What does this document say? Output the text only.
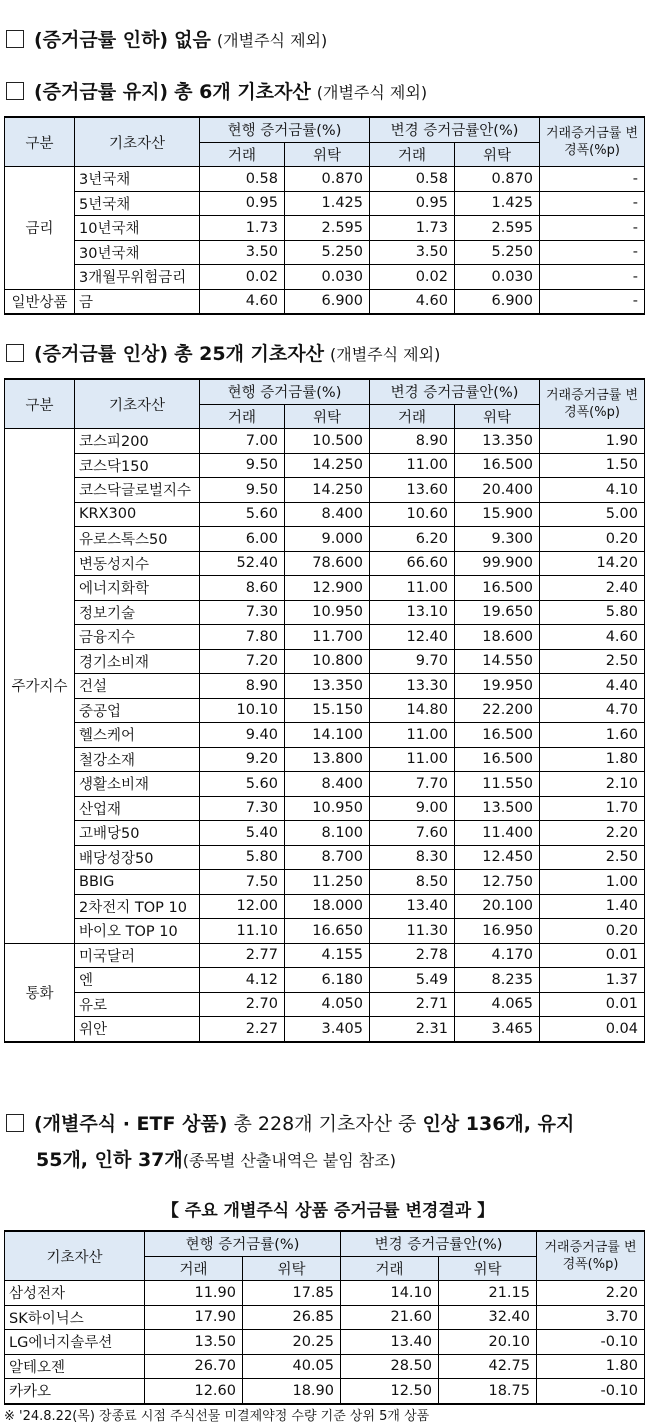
(증거금률 인하) 없음 (개별주식 제외)
(증거금률 유지) 총 6개 기초자산 (개별주식 제외)
구분	기초자산	현행 증거금률(%)		변경 증거금률안(%)		거래증거금률 변경폭(%p)
		거래	위탁	거래	위탁	
금리	3년국채	0.58	0.870	0.58	0.870	-
	5년국채	0.95	1.425	0.95	1.425	-
	10년국채	1.73	2.595	1.73	2.595	-
	30년국채	3.50	5.250	3.50	5.250	-
	3개월무위험금리	0.02	0.030	0.02	0.030	-
일반상품	금	4.60	6.900	4.60	6.900	-
(증거금률 인상) 총 25개 기초자산 (개별주식 제외)
구분	기초자산	현행 증거금률(%)		변경 증거금률안(%)		거래증거금률 변경폭(%p)
		거래	위탁	거래	위탁	
주가지수	코스피200	7.00	10.500	8.90	13.350	1.90
	코스닥150	9.50	14.250	11.00	16.500	1.50
	코스닥글로벌지수	9.50	14.250	13.60	20.400	4.10
	KRX300	5.60	8.400	10.60	15.900	5.00
	유로스톡스50	6.00	9.000	6.20	9.300	0.20
	변동성지수	52.40	78.600	66.60	99.900	14.20
	에너지화학	8.60	12.900	11.00	16.500	2.40
	정보기술	7.30	10.950	13.10	19.650	5.80
	금융지수	7.80	11.700	12.40	18.600	4.60
	경기소비재	7.20	10.800	9.70	14.550	2.50
	건설	8.90	13.350	13.30	19.950	4.40
	중공업	10.10	15.150	14.80	22.200	4.70
	헬스케어	9.40	14.100	11.00	16.500	1.60
	철강소재	9.20	13.800	11.00	16.500	1.80
	생활소비재	5.60	8.400	7.70	11.550	2.10
	산업재	7.30	10.950	9.00	13.500	1.70
	고배당50	5.40	8.100	7.60	11.400	2.20
	배당성장50	5.80	8.700	8.30	12.450	2.50
	BBIG	7.50	11.250	8.50	12.750	1.00
	2차전지 TOP 10	12.00	18.000	13.40	20.100	1.40
	바이오 TOP 10	11.10	16.650	11.30	16.950	0.20
통화	미국달러	2.77	4.155	2.78	4.170	0.01
	엔	4.12	6.180	5.49	8.235	1.37
	유로	2.70	4.050	2.71	4.065	0.01
	위안	2.27	3.405	2.31	3.465	0.04
(개별주식 · ETF 상품) 총 228개 기초자산 중 인상 136개, 유지
55개, 인하 37개(종목별 산출내역은 붙임 참조)
【 주요 개별주식 상품 증거금률 변경결과 】
기초자산	현행 증거금률(%)		변경 증거금률안(%)		거래증거금률 변경폭(%p)
	거래	위탁	거래	위탁	
삼성전자	11.90	17.85	14.10	21.15	2.20
SK하이닉스	17.90	26.85	21.60	32.40	3.70
LG에너지솔루션	13.50	20.25	13.40	20.10	-0.10
알테오젠	26.70	40.05	28.50	42.75	1.80
카카오	12.60	18.90	12.50	18.75	-0.10
※ '24.8.22(목) 장종료 시점 주식선물 미결제약정 수량 기준 상위 5개 상품
